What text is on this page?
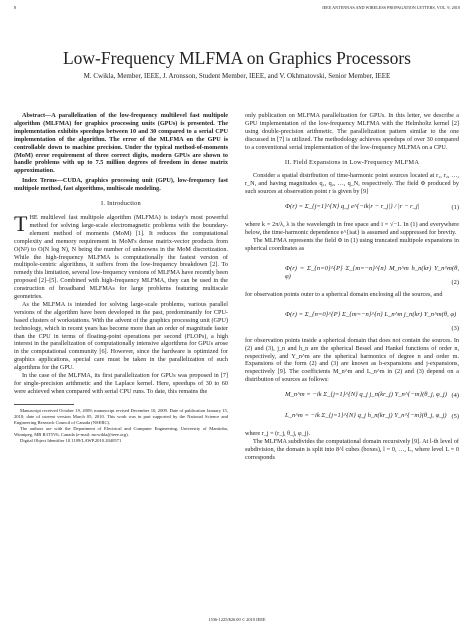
8	IEEE ANTENNAS AND WIRELESS PROPAGATION LETTERS, VOL. 9, 2010
Low-Frequency MLFMA on Graphics Processors
M. Cwikla, Member, IEEE, J. Aronsson, Student Member, IEEE, and V. Okhmatovski, Senior Member, IEEE

Abstract—A parallelization of the low-frequency multilevel fast multipole algorithm (MLFMA) for graphics processing units (GPUs) is presented. The implementation exhibits speedups between 10 and 30 compared to a serial CPU implementation of the algorithm. The error of the MLFMA on the GPU is controllable down to machine precision. Under the typical method-of-moments (MoM) error requirement of three correct digits, modern GPUs are shown to handle problems with up to 7.5 million degrees of freedom in dense matrix approximation.

Index Terms—CUDA, graphics processing unit (GPU), low-frequency fast multipole method, fast algorithms, multiscale modeling.

I. Introduction

THE multilevel fast multipole algorithm (MLFMA) is today's most powerful method for solving large-scale electromagnetic problems with the boundary-element method of moments (MoM) [1]. It reduces the computational complexity and memory requirement in MoM's dense matrix-vector products from O(N²) to O(N log N), N being the number of unknowns in the MoM discretization. While the high-frequency MLFMA is computationally the fastest version of multipole-centric algorithms, it suffers from the low-frequency breakdown [2]. To remedy this limitation, several low-frequency versions of MLFMA have recently been proposed [2]–[5]. Combined with high-frequency MLFMA, they can be used in the construction of broadband MLFMAs for large problems featuring multiscale geometries.

As the MLFMA is intended for solving large-scale problems, various parallel versions of the algorithm have been developed in the past, predominantly for CPU-based clusters of workstations. With the advent of the graphics processing unit (GPU) technology, which in recent years has become more than an order of magnitude faster than the CPU in terms of floating-point operations per second (FLOPs), a high interest in the parallelization of computationally intensive algorithms for GPUs arose in the computational community [6]. However, since the hardware is optimized for graphics applications, special care must be taken in the parallelization of such algorithms for the GPU.

In the case of the MLFMA, its first parallelization for GPUs was proposed in [7] for single-precision arithmetic and the Laplace kernel. Here, speedups of 30 to 60 were achieved when compared with serial CPU runs. To date, this remains the

Manuscript received October 19, 2009; manuscript revised December 10, 2009. Date of publication January 15, 2010; date of current version March 05, 2010. This work was in part supported by the National Science and Engineering Research Council of Canada (NSERC).

The authors are with the Department of Electrical and Computer Engineering, University of Manitoba, Winnipeg, MB R3T5V6, Canada (e-mail: mcwikla@ieee.org).

Digital Object Identifier 10.1109/LAWP.2010.2040571

only publication on MLFMA parallelization for GPUs. In this letter, we describe a GPU implementation of the low-frequency MLFMA with the Helmholtz kernel [2] using double-precision arithmetic. The parallelization pattern similar to the one discussed in [7] is utilized. The methodology achieves speedups of over 30 compared to a conventional serial implementation of the low-frequency MLFMA on a CPU.

II. Field Expansions in Low-Frequency MLFMA

Consider a spatial distribution of time-harmonic point sources located at r₁, r₂, …, r_N, and having magnitudes q₁, q₂, …, q_N, respectively. The field Φ produced by such sources at observation point r is given by [9]

Φ(r) = Σ_{j=1}^{N} q_j e^{−ik|r − r_j|} / |r − r_j|	(1)

where k = 2π/λ, λ is the wavelength in free space and i = √−1. In (1) and everywhere below, the time-harmonic dependence e^{iωt} is assumed and suppressed for brevity.

The MLFMA represents the field Φ in (1) using truncated multipole expansions in spherical coordinates as

Φ(r) = Σ_{n=0}^{P} Σ_{m=−n}^{n} M_n^m h_n(kr) Y_n^m(θ, φ)
(2)

for observation points outer to a spherical domain enclosing all the sources, and

Φ(r) = Σ_{n=0}^{P} Σ_{m=−n}^{n} L_n^m j_n(kr) Y_n^m(θ, φ)
(3)

for observation points inside a spherical domain that does not contain the sources. In (2) and (3), j_n and h_n are the spherical Bessel and Hankel functions of order n, respectively, and Y_n^m are the spherical harmonics of degree n and order m. Expansions of the form (2) and (3) are known as h-expansions and j-expansions, respectively [9]. The coefficients M_n^m and L_n^m in (2) and (3) depend on a distribution of sources as follows:

M_n^m = −ik Σ_{j=1}^{N} q_j j_n(kr_j) Y_n^{−m}(θ_j, φ_j) (4)
L_n^m = −ik Σ_{j=1}^{N} q_j h_n(kr_j) Y_n^{−m}(θ_j, φ_j) (5)

where r_j = (r_j, θ_j, φ_j).

The MLFMA subdivides the computational domain recursively [9]. At l-th level of subdivision, the domain is split into 8^l cubes (boxes), l = 0, …, L, where level L = 0 corresponds

1536-1225/$26.00 © 2010 IEEE
